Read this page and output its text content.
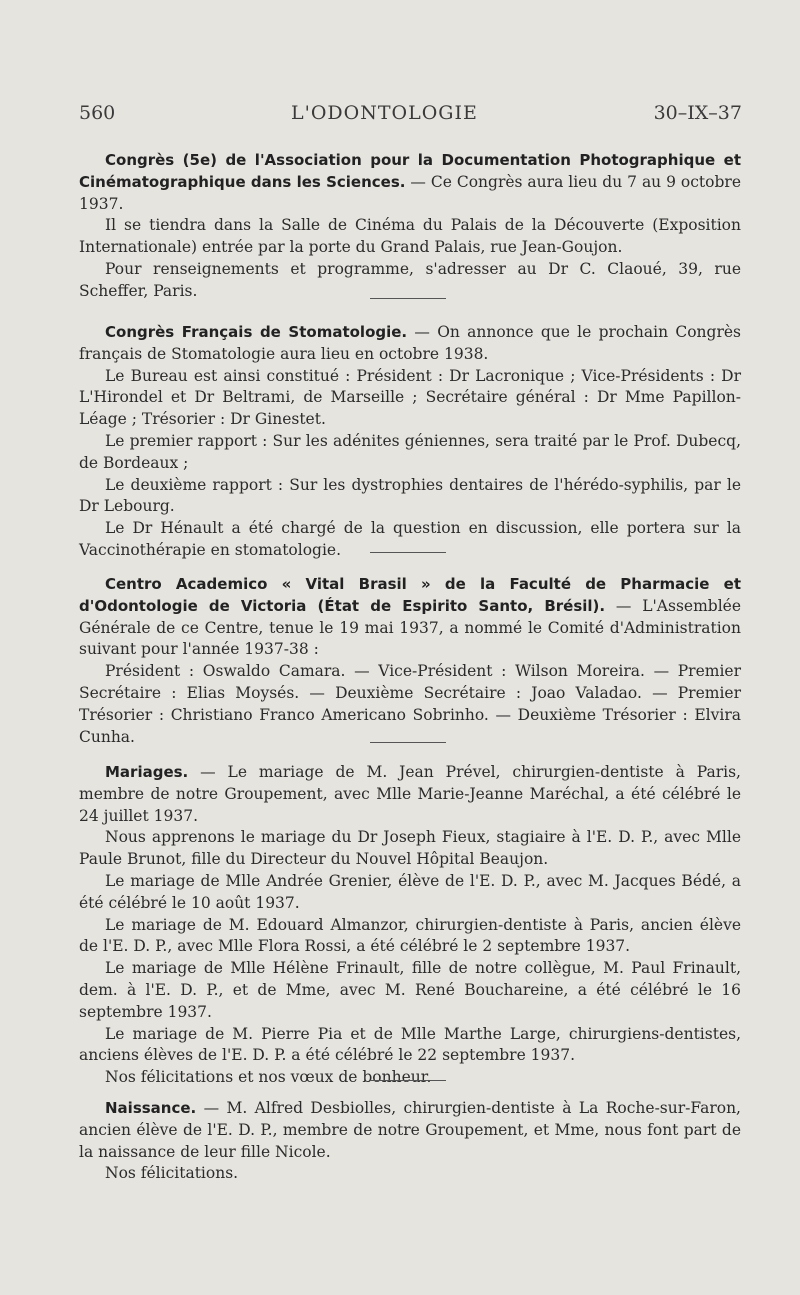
560	L'ODONTOLOGIE	30–IX–37

Congrès (5e) de l'Association pour la Documentation Photographique et Cinématographique dans les Sciences. — Ce Congrès aura lieu du 7 au 9 octobre 1937.

Il se tiendra dans la Salle de Cinéma du Palais de la Découverte (Exposition Internationale) entrée par la porte du Grand Palais, rue Jean-Goujon.

Pour renseignements et programme, s'adresser au Dr C. Claoué, 39, rue Scheffer, Paris.

Congrès Français de Stomatologie. — On annonce que le prochain Congrès français de Stomatologie aura lieu en octobre 1938.

Le Bureau est ainsi constitué : Président : Dr Lacronique ; Vice-Présidents : Dr L'Hirondel et Dr Beltrami, de Marseille ; Secrétaire général : Dr Mme Papillon-Léage ; Trésorier : Dr Ginestet.

Le premier rapport : Sur les adénites géniennes, sera traité par le Prof. Dubecq, de Bordeaux ;

Le deuxième rapport : Sur les dystrophies dentaires de l'hérédo-syphilis, par le Dr Lebourg.

Le Dr Hénault a été chargé de la question en discussion, elle portera sur la Vaccinothérapie en stomatologie.

Centro Academico « Vital Brasil » de la Faculté de Pharmacie et d'Odontologie de Victoria (État de Espirito Santo, Brésil). — L'Assemblée Générale de ce Centre, tenue le 19 mai 1937, a nommé le Comité d'Administration suivant pour l'année 1937-38 :

Président : Oswaldo Camara. — Vice-Président : Wilson Moreira. — Premier Secrétaire : Elias Moysés. — Deuxième Secrétaire : Joao Valadao. — Premier Trésorier : Christiano Franco Americano Sobrinho. — Deuxième Trésorier : Elvira Cunha.

Mariages. — Le mariage de M. Jean Prével, chirurgien-dentiste à Paris, membre de notre Groupement, avec Mlle Marie-Jeanne Maréchal, a été célébré le 24 juillet 1937.

Nous apprenons le mariage du Dr Joseph Fieux, stagiaire à l'E. D. P., avec Mlle Paule Brunot, fille du Directeur du Nouvel Hôpital Beaujon.

Le mariage de Mlle Andrée Grenier, élève de l'E. D. P., avec M. Jacques Bédé, a été célébré le 10 août 1937.

Le mariage de M. Edouard Almanzor, chirurgien-dentiste à Paris, ancien élève de l'E. D. P., avec Mlle Flora Rossi, a été célébré le 2 septembre 1937.

Le mariage de Mlle Hélène Frinault, fille de notre collègue, M. Paul Frinault, dem. à l'E. D. P., et de Mme, avec M. René Bouchareine, a été célébré le 16 septembre 1937.

Le mariage de M. Pierre Pia et de Mlle Marthe Large, chirurgiens-dentistes, anciens élèves de l'E. D. P. a été célébré le 22 septembre 1937.

Nos félicitations et nos vœux de bonheur.

Naissance. — M. Alfred Desbiolles, chirurgien-dentiste à La Roche-sur-Faron, ancien élève de l'E. D. P., membre de notre Groupement, et Mme, nous font part de la naissance de leur fille Nicole.

Nos félicitations.
